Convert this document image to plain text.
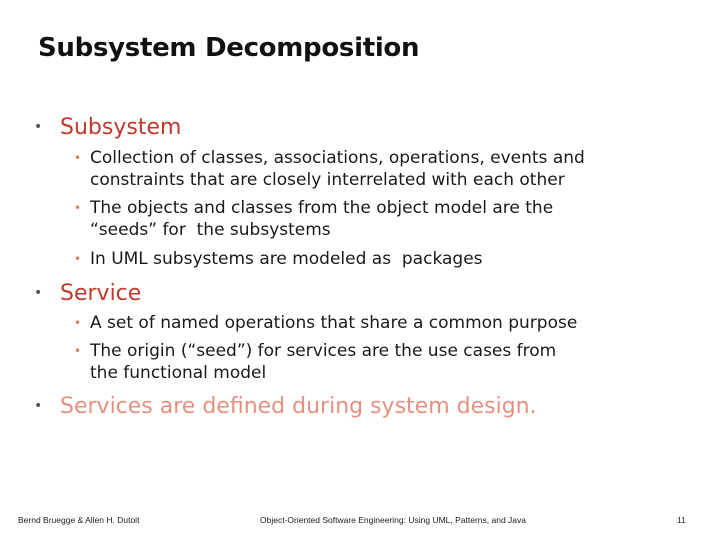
Subsystem Decomposition
• Subsystem
• Collection of classes, associations, operations, events and
constraints that are closely interrelated with each other
• The objects and classes from the object model are the
“seeds” for  the subsystems
• In UML subsystems are modeled as  packages
• Service
• A set of named operations that share a common purpose
• The origin (“seed”) for services are the use cases from
the functional model
• Services are defined during system design.
Bernd Bruegge & Allen H. Dutoit	Object-Oriented Software Engineering: Using UML, Patterns, and Java	11
